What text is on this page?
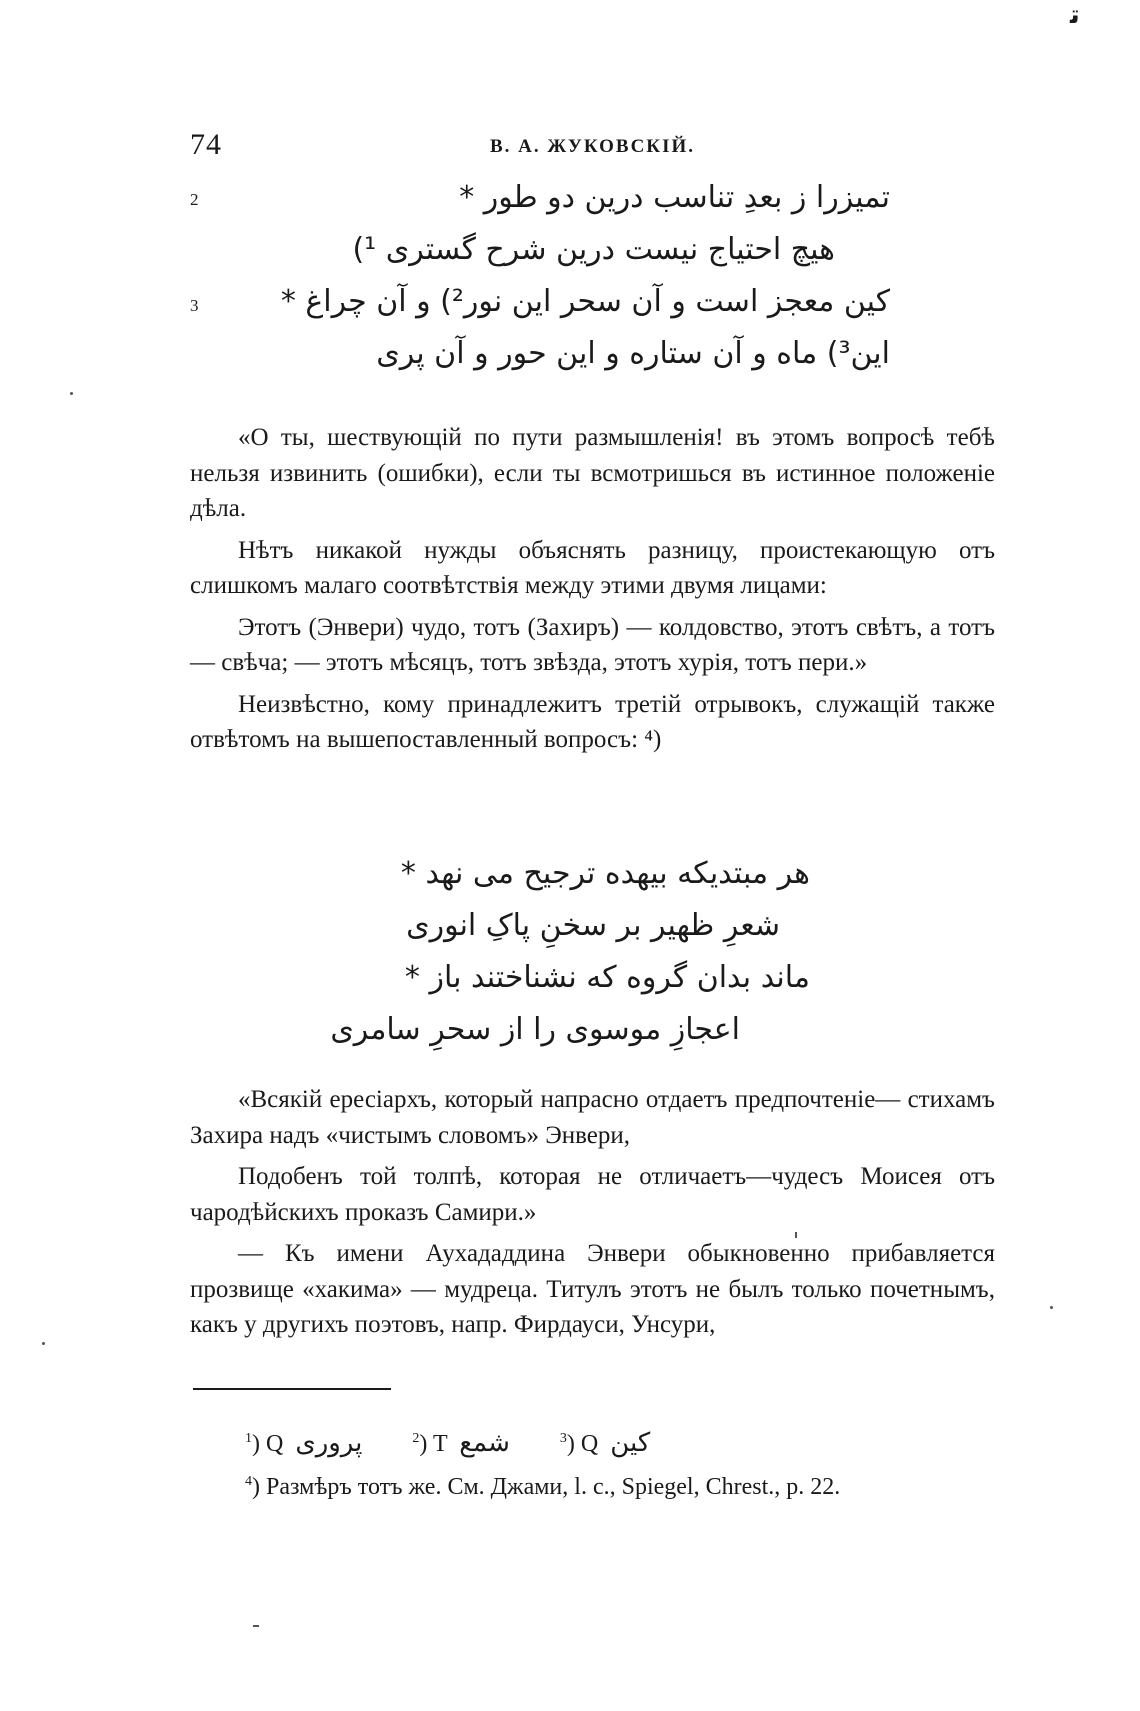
ﺗ
74	В. А. ЖУКОВСКІЙ.
2	تمیزرا ز بعدِ تناسب درین دو طور *
هیچ احتیاج نیست درین شرح گستری ¹)
3	کین معجز است و آن سحر این نور²) و آن چراغ *
این³) ماه و آن ستاره و این حور و آن پری

«О ты, шествующій по пути размышленія! въ этомъ вопросѣ тебѣ нельзя извинить (ошибки), если ты всмотришься въ истинное положеніе дѣла.

Нѣтъ никакой нужды объяснять разницу, проистекающую отъ слишкомъ малаго соотвѣтствія между этими двумя лицами:

Этотъ (Энвери) чудо, тотъ (Захиръ) — колдовство, этотъ свѣтъ, а тотъ — свѣча; — этотъ мѣсяцъ, тотъ звѣзда, этотъ хурія, тотъ пери.»

Неизвѣстно, кому принадлежитъ третій отрывокъ, служащій также отвѣтомъ на вышепоставленный вопросъ: ⁴)

هر مبتدیکه بیهده ترجیح می نهد *
شعرِ ظهیر بر سخنِ پاکِ انوری
ماند بدان گروه که نشناختند باز *
اعجازِ موسوی را از سحرِ سامری

«Всякій ересіархъ, который напрасно отдаетъ предпочтеніе— стихамъ Захира надъ «чистымъ словомъ» Энвери,

Подобенъ той толпѣ, которая не отличаетъ—чудесъ Моисея отъ чародѣйскихъ проказъ Самири.»

— Къ имени Аухададдина Энвери обыкновенно прибавляется прозвище «хакима» — мудреца. Титулъ этотъ не былъ только почетнымъ, какъ у другихъ поэтовъ, напр. Фирдауси, Унсури,

$^1$) Q پروری	$^2$) T شمع	$^3$) Q کین
$^4$) Размѣръ тотъ же. См. Джами, l. c., Spiegel, Chrest., p. 22.
